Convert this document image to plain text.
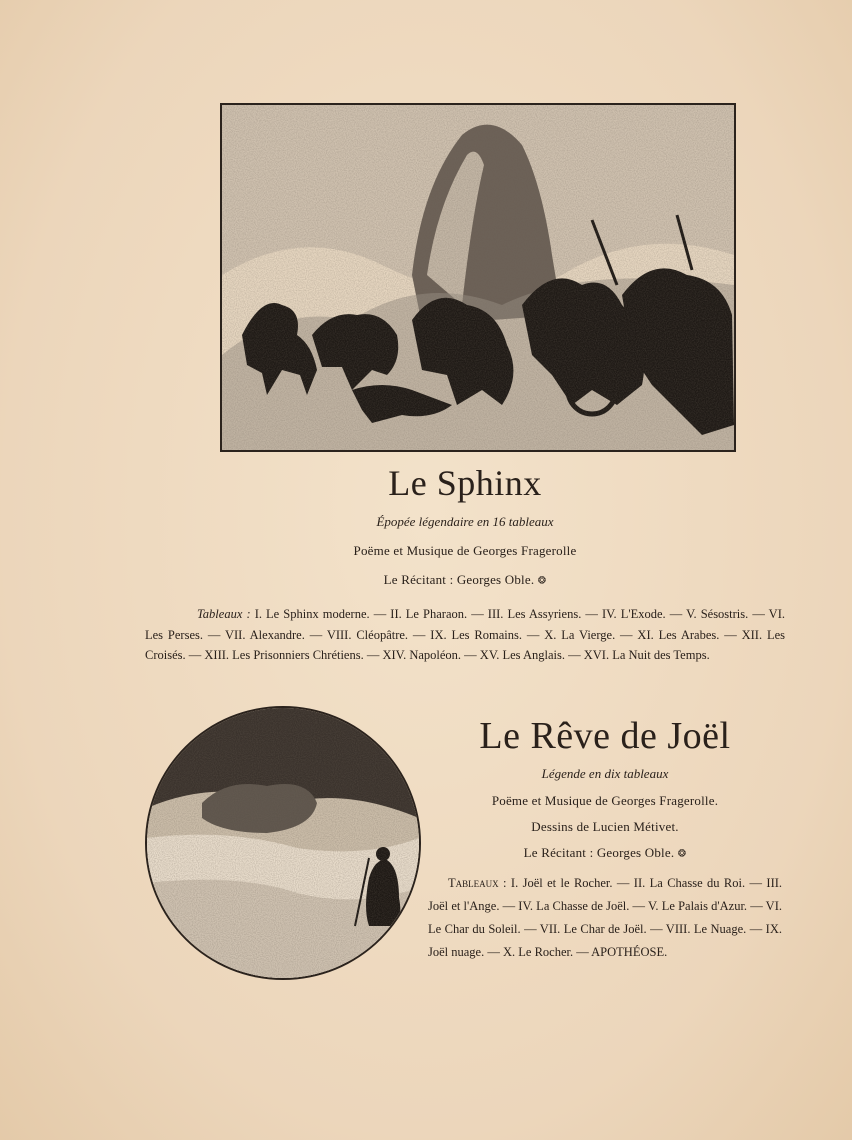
Le Sphinx
Épopée légendaire en 16 tableaux
Poëme et Musique de Georges Fragerolle
Le Récitant : Georges Oble. ❂
Tableaux : I. Le Sphinx moderne. — II. Le Pharaon. — III. Les Assyriens. — IV. L'Exode. — V. Sésostris. — VI. Les Perses. — VII. Alexandre. — VIII. Cléopâtre. — IX. Les Romains. — X. La Vierge. — XI. Les Arabes. — XII. Les Croisés. — XIII. Les Prisonniers Chrétiens. — XIV. Napoléon. — XV. Les Anglais. — XVI. La Nuit des Temps.
Le Rêve de Joël
Légende en dix tableaux
Poëme et Musique de Georges Fragerolle.
Dessins de Lucien Métivet.
Le Récitant : Georges Oble. ❂
Tableaux : I. Joël et le Rocher. — II. La Chasse du Roi. — III. Joël et l'Ange. — IV. La Chasse de Joël. — V. Le Palais d'Azur. — VI. Le Char du Soleil. — VII. Le Char de Joël. — VIII. Le Nuage. — IX. Joël nuage. — X. Le Rocher. — APOTHÉOSE.
